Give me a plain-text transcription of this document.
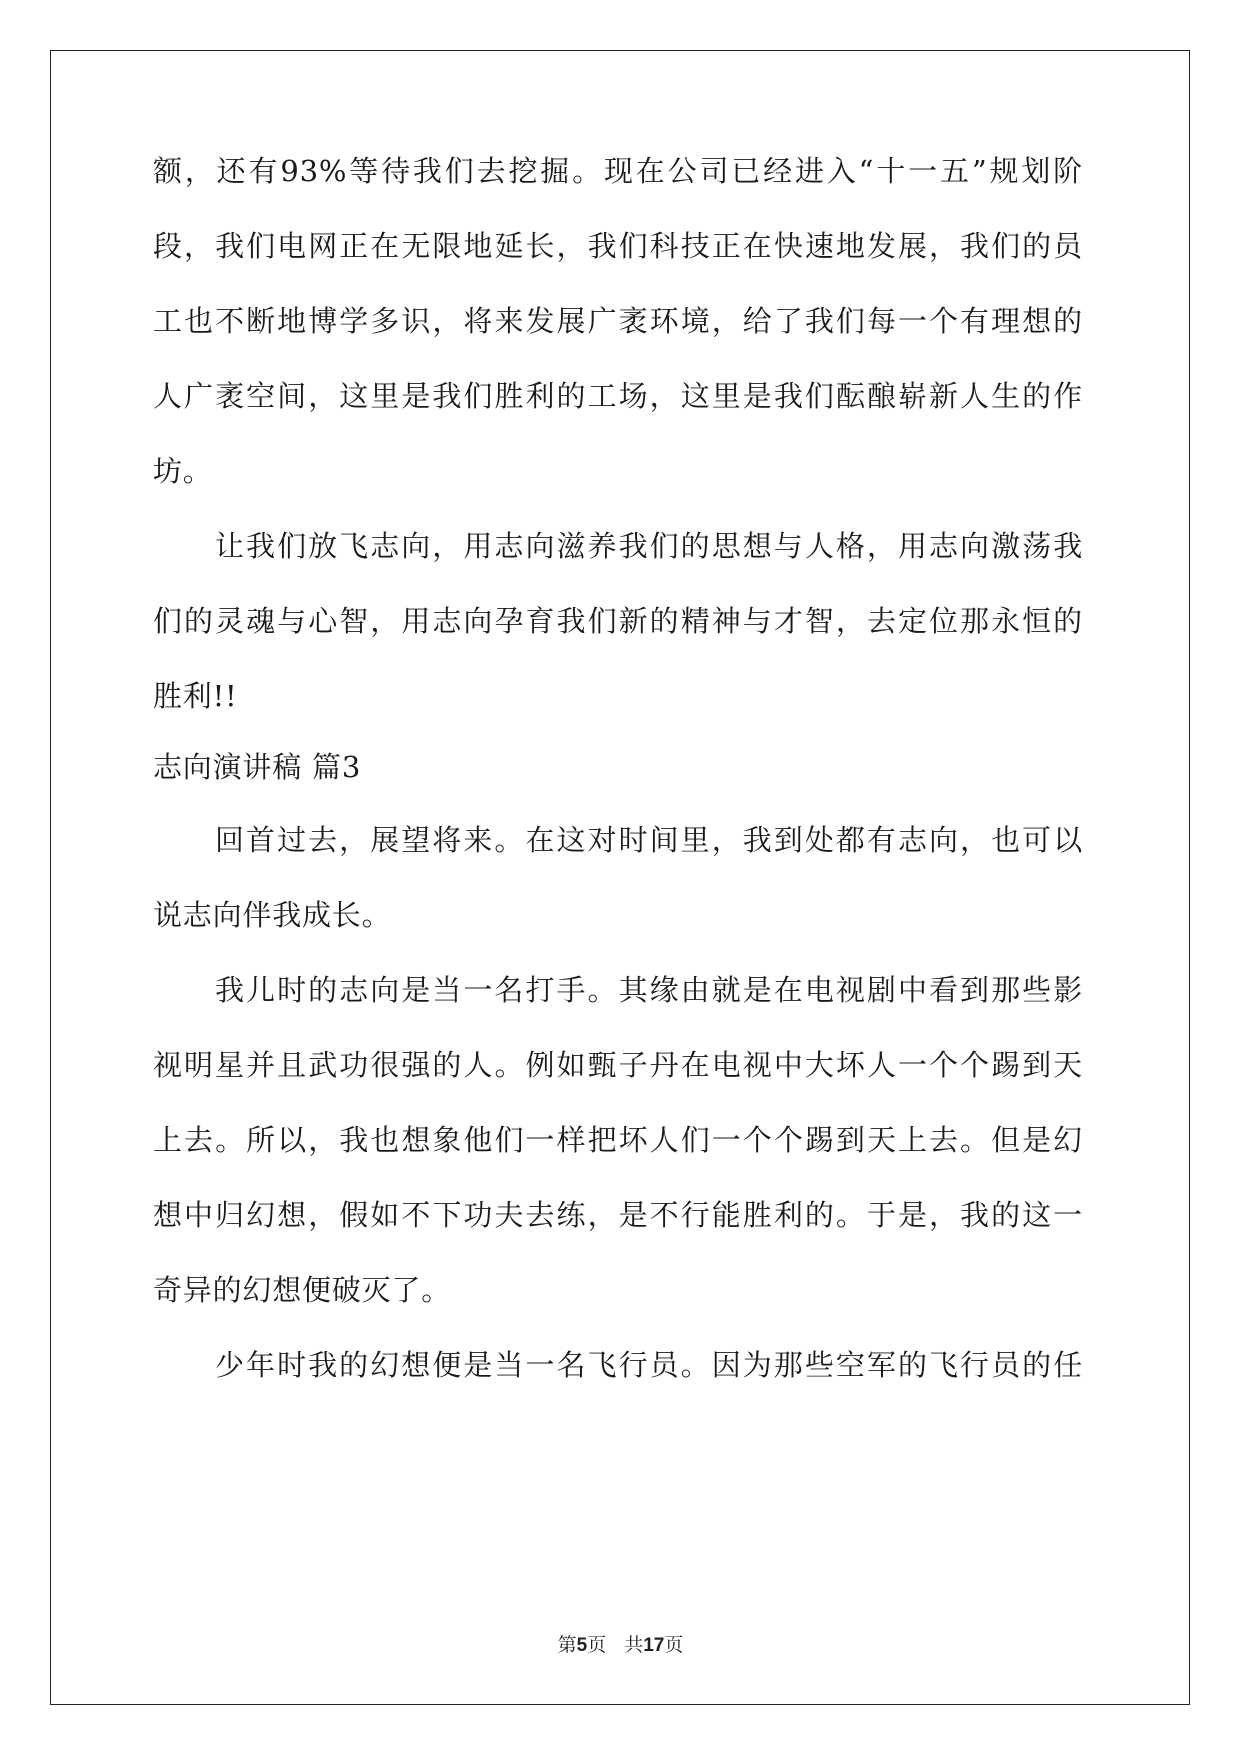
额，还有93%等待我们去挖掘。现在公司已经进入“十一五”规划阶
段，我们电网正在无限地延长，我们科技正在快速地发展，我们的员
工也不断地博学多识，将来发展广袤环境，给了我们每一个有理想的
人广袤空间，这里是我们胜利的工场，这里是我们酝酿崭新人生的作
坊。
让我们放飞志向，用志向滋养我们的思想与人格，用志向激荡我
们的灵魂与心智，用志向孕育我们新的精神与才智，去定位那永恒的
胜利!!
志向演讲稿 篇3
回首过去，展望将来。在这对时间里，我到处都有志向，也可以
说志向伴我成长。
我儿时的志向是当一名打手。其缘由就是在电视剧中看到那些影
视明星并且武功很强的人。例如甄子丹在电视中大坏人一个个踢到天
上去。所以，我也想象他们一样把坏人们一个个踢到天上去。但是幻
想中归幻想，假如不下功夫去练，是不行能胜利的。于是，我的这一
奇异的幻想便破灭了。
少年时我的幻想便是当一名飞行员。因为那些空军的飞行员的任
第5页 共17页
